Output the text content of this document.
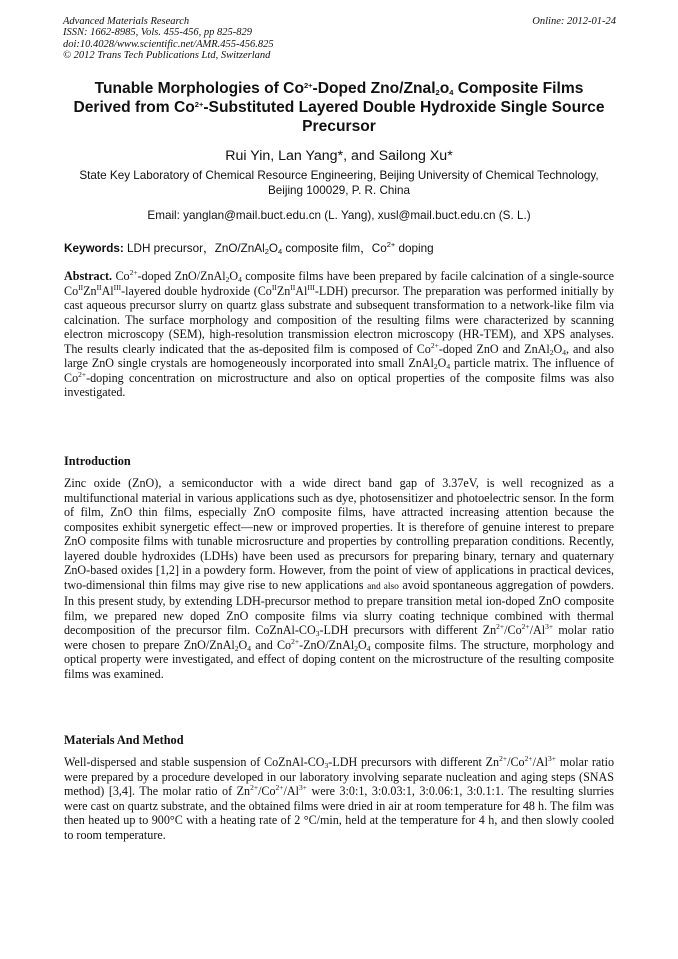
Advanced Materials Research
ISSN: 1662-8985, Vols. 455-456, pp 825-829
doi:10.4028/www.scientific.net/AMR.455-456.825
© 2012 Trans Tech Publications Ltd, Switzerland
Online: 2012-01-24
Tunable Morphologies of $Co^{2+}$-Doped Zno/$Znal_2o_4$ Composite Films
Derived from $Co^{2+}$-Substituted Layered Double Hydroxide Single Source Precursor
Rui Yin, Lan Yang*, and Sailong Xu*
State Key Laboratory of Chemical Resource Engineering, Beijing University of Chemical Technology,
Beijing 100029, P. R. China
Email: yanglan@mail.buct.edu.cn (L. Yang), xusl@mail.buct.edu.cn (S. L.)
Keywords: LDH precursor，ZnO/$ZnAl_2O_4$ composite film，$Co^{2+}$ doping
Abstract. $Co^{2+}$-doped ZnO/$ZnAl_2O_4$ composite films have been prepared by facile calcination of a single-source $Co^{II}Zn^{II}Al^{III}$-layered double hydroxide $(Co^{II}Zn^{II}Al^{III}-LDH)$ precursor. The preparation was performed initially by cast aqueous precursor slurry on quartz glass substrate and subsequent transformation to a network-like film via calcination. The surface morphology and composition of the resulting films were characterized by scanning electron microscopy (SEM), high-resolution transmission electron microscopy (HR-TEM), and XPS analyses. The results clearly indicated that the as-deposited film is composed of $Co^{2+}$-doped ZnO and $ZnAl_2O_4$, and also large ZnO single crystals are homogeneously incorporated into small $ZnAl_2O_4$ particle matrix. The influence of $Co^{2+}$-doping concentration on microstructure and also on optical properties of the composite films was also investigated.
Introduction
Zinc oxide (ZnO), a semiconductor with a wide direct band gap of 3.37eV, is well recognized as a multifunctional material in various applications such as dye, photosensitizer and photoelectric sensor. In the form of film, ZnO thin films, especially ZnO composite films, have attracted increasing attention because the composites exhibit synergetic effect—new or improved properties. It is therefore of genuine interest to prepare ZnO composite films with tunable microsructure and properties by controlling preparation conditions. Recently, layered double hydroxides (LDHs) have been used as precursors for preparing binary, ternary and quaternary ZnO-based oxides [1,2] in a powdery form. However, from the point of view of applications in practical devices, two-dimensional thin films may give rise to new applications and also avoid spontaneous aggregation of powders. In this present study, by extending LDH-precursor method to prepare transition metal ion-doped ZnO composite film, we prepared new doped ZnO composite films via slurry coating technique combined with thermal decomposition of the precursor film. CoZnAl-$CO_3$-LDH precursors with different $Zn^{2+}/Co^{2+}/Al^{3+}$ molar ratio were chosen to prepare ZnO/$ZnAl_2O_4$ and $Co^{2+}-ZnO/ZnAl_2O_4$ composite films. The structure, morphology and optical property were investigated, and effect of doping content on the microstructure of the resulting composite films was examined.
Materials And Method
Well-dispersed and stable suspension of CoZnAl-$CO_3$-LDH precursors with different $Zn^{2+}/Co^{2+}/Al^{3+}$ molar ratio were prepared by a procedure developed in our laboratory involving separate nucleation and aging steps (SNAS method) [3,4]. The molar ratio of $Zn^{2+}/Co^{2+}/Al^{3+}$ were 3:0:1, 3:0.03:1, 3:0.06:1, 3:0.1:1. The resulting slurries were cast on quartz substrate, and the obtained films were dried in air at room temperature for 48 h. The film was then heated up to 900°C with a heating rate of 2 °C/min, held at the temperature for 4 h, and then slowly cooled to room temperature.
